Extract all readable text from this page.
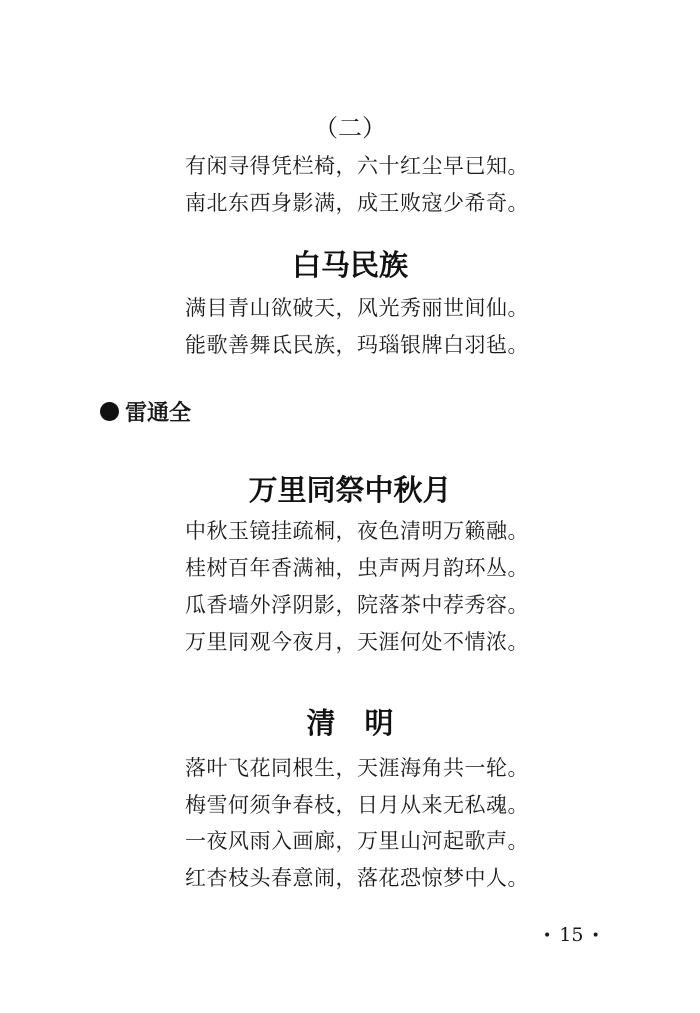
（二）
有闲寻得凭栏椅，六十红尘早已知。
南北东西身影满，成王败寇少希奇。
白马民族
满目青山欲破天，风光秀丽世间仙。
能歌善舞氐民族，玛瑙银牌白羽毡。
雷通全
万里同祭中秋月
中秋玉镜挂疏桐，夜色清明万籁融。
桂树百年香满袖，虫声两月韵环丛。
瓜香墙外浮阴影，院落茶中荐秀容。
万里同观今夜月，天涯何处不情浓。
清　明
落叶飞花同根生，天涯海角共一轮。
梅雪何须争春枝，日月从来无私魂。
一夜风雨入画廊，万里山河起歌声。
红杏枝头春意闹，落花恐惊梦中人。
• 15 •
